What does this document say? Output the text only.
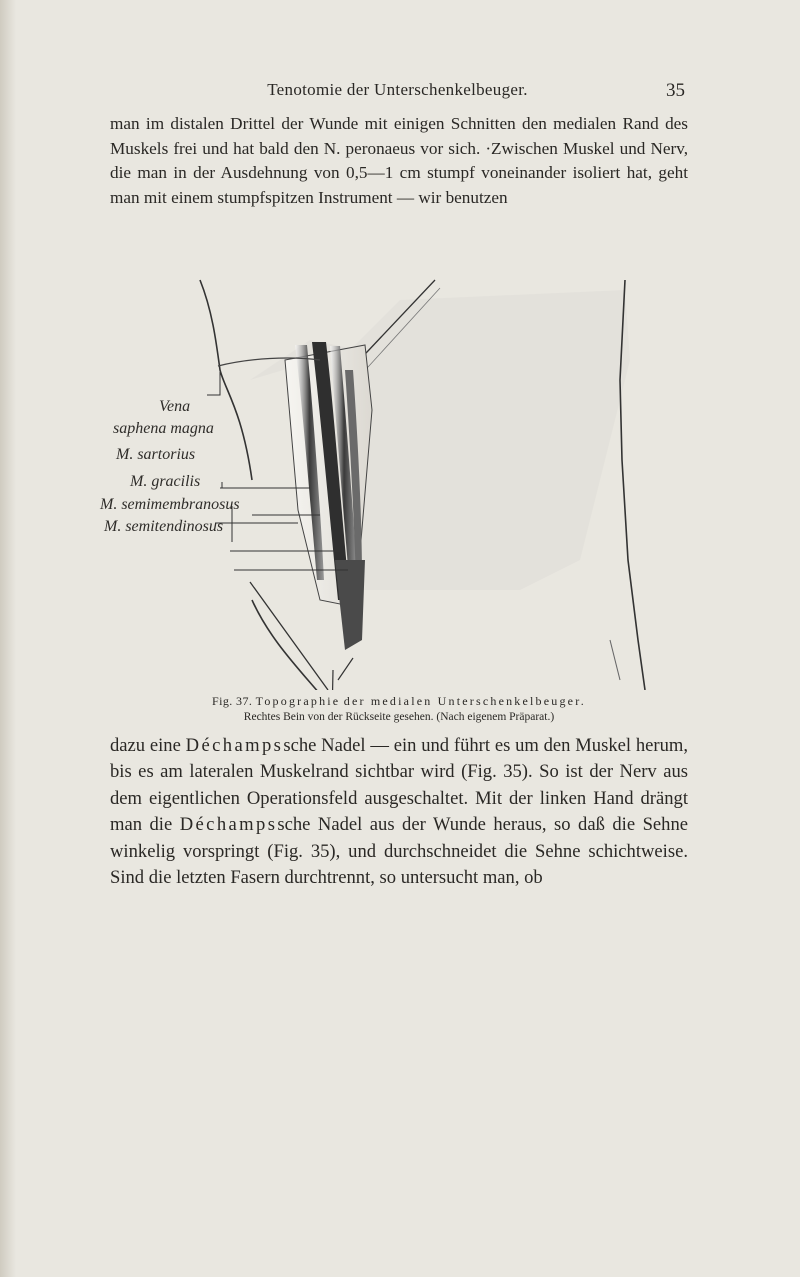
Tenotomie der Unterschenkelbeuger.	35

man im distalen Drittel der Wunde mit einigen Schnitten den medialen Rand des Muskels frei und hat bald den N. peronaeus vor sich. ·Zwischen Muskel und Nerv, die man in der Ausdehnung von 0,5—1 cm stumpf voneinander isoliert hat, geht man mit einem stumpfspitzen Instrument — wir benutzen

Vena
saphena magna
M. sartorius
M. gracilis
M. semimembranosus
M. semitendinosus
Fig. 37. Topographie der medialen Unterschenkelbeuger.
Rechtes Bein von der Rückseite gesehen. (Nach eigenem Präparat.)

dazu eine Déchampssche Nadel — ein und führt es um den Muskel herum, bis es am lateralen Muskelrand sichtbar wird (Fig. 35). So ist der Nerv aus dem eigentlichen Operationsfeld ausgeschaltet. Mit der linken Hand drängt man die Déchampssche Nadel aus der Wunde heraus, so daß die Sehne winkelig vorspringt (Fig. 35), und durchschneidet die Sehne schichtweise. Sind die letzten Fasern durchtrennt, so untersucht man, ob
